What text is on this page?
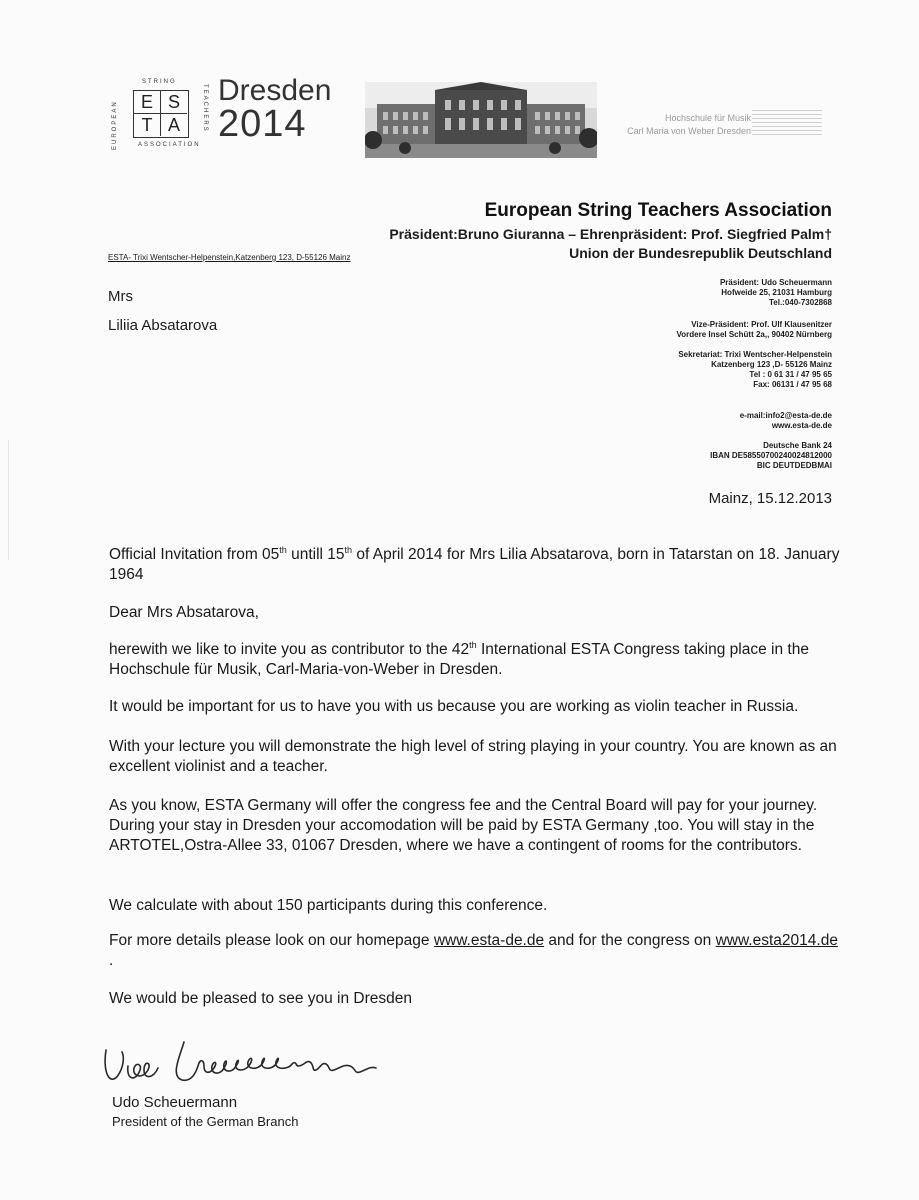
E S
T A
STRING
EUROPEAN	TEACHERS
ASSOCIATION
Dresden
2014	Hochschule für Musik
Carl Maria von Weber Dresden
European String Teachers Association
Präsident:Bruno Giuranna – Ehrenpräsident: Prof. Siegfried Palm†
Union der Bundesrepublik Deutschland
ESTA- Trixi Wentscher-Helpenstein,Katzenberg 123, D-55126 Mainz
Mrs
Liliia Absatarova
Präsident: Udo Scheuermann
Hofweide 25, 21031 Hamburg
Tel.:040-7302868
Vize-Präsident: Prof. Ulf Klausenitzer
Vordere Insel Schütt 2a,, 90402 Nürnberg
Sekretariat: Trixi Wentscher-Helpenstein
Katzenberg 123 ,D- 55126 Mainz
Tel : 0 61 31 / 47 95 65
Fax: 06131 / 47 95 68
e-mail:info2@esta-de.de
www.esta-de.de
Deutsche Bank 24
IBAN DE58550700240024812000
BIC DEUTDEDBMAI
Mainz, 15.12.2013
Official Invitation from 05th untill 15th of April 2014 for Mrs Lilia Absatarova, born in Tatarstan on 18. January 1964
Dear Mrs Absatarova,
herewith we like to invite you as contributor to the 42th International ESTA Congress taking place in the Hochschule für Musik, Carl-Maria-von-Weber in Dresden.
It would be important for us to have you with us because you are working as violin teacher in Russia.
With your lecture you will demonstrate the high level of string playing in your country. You are known as an excellent violinist and a teacher.
As you know, ESTA Germany will offer the congress fee and the Central Board will pay for your journey. During your stay in Dresden your accomodation will be paid by ESTA Germany ,too. You will stay in the ARTOTEL,Ostra-Allee 33, 01067 Dresden, where we have a contingent of rooms for the contributors.
We calculate with about 150 participants during this conference.
For more details please look on our homepage www.esta-de.de and for the congress on www.esta2014.de .
We would be pleased to see you in Dresden
Udo Scheuermann
President of the German Branch
